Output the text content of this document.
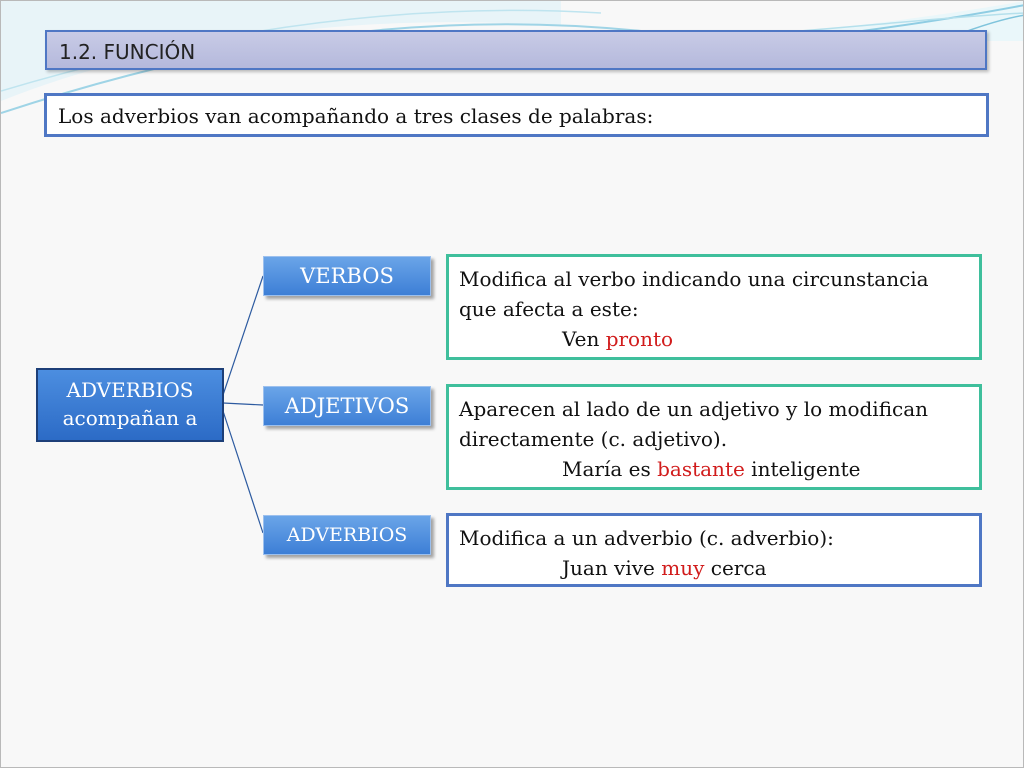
1.2. FUNCIÓN
Los adverbios van acompañando a tres clases de palabras:
ADVERBIOS
acompañan a
VERBOS	Modifica al verbo indicando una circunstancia que afecta a este:
Ven pronto
ADJETIVOS	Aparecen al lado de un adjetivo y lo modifican directamente (c. adjetivo).
María es bastante inteligente
ADVERBIOS	Modifica a un adverbio (c. adverbio):
Juan vive muy cerca
